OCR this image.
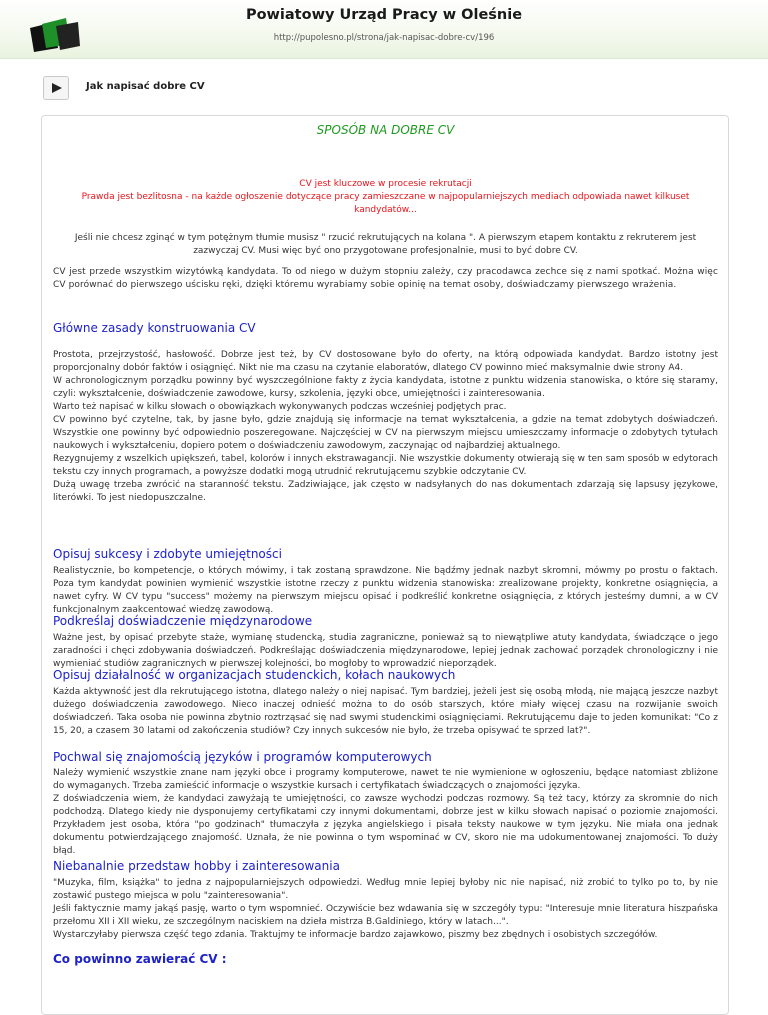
Powiatowy Urząd Pracy w Oleśnie
http://pupolesno.pl/strona/jak-napisac-dobre-cv/196
Jak napisać dobre CV
SPOSÓB NA DOBRE CV
CV jest kluczowe w procesie rekrutacji
Prawda jest bezlitosna - na każde ogłoszenie dotyczące pracy zamieszczane w najpopularniejszych mediach odpowiada nawet kilkuset kandydatów...
Jeśli nie chcesz zginąć w tym potężnym tłumie musisz " rzucić rekrutujących na kolana ". A pierwszym etapem kontaktu z rekruterem jest zazwyczaj CV. Musi więc być ono przygotowane profesjonalnie, musi to być dobre CV.
CV jest przede wszystkim wizytówką kandydata. To od niego w dużym stopniu zależy, czy pracodawca zechce się z nami spotkać. Można więc CV porównać do pierwszego uścisku ręki, dzięki któremu wyrabiamy sobie opinię na temat osoby, doświadczamy pierwszego wrażenia.
Główne zasady konstruowania CV
Prostota, przejrzystość, hasłowość. Dobrze jest też, by CV dostosowane było do oferty, na którą odpowiada kandydat. Bardzo istotny jest proporcjonalny dobór faktów i osiągnięć. Nikt nie ma czasu na czytanie elaboratów, dlatego CV powinno mieć maksymalnie dwie strony A4.
W achronologicznym porządku powinny być wyszczególnione fakty z życia kandydata, istotne z punktu widzenia stanowiska, o które się staramy, czyli: wykształcenie, doświadczenie zawodowe, kursy, szkolenia, języki obce, umiejętności i zainteresowania.
Warto też napisać w kilku słowach o obowiązkach wykonywanych podczas wcześniej podjętych prac.
CV powinno być czytelne, tak, by jasne było, gdzie znajdują się informacje na temat wykształcenia, a gdzie na temat zdobytych doświadczeń. Wszystkie one powinny być odpowiednio poszeregowane. Najczęściej w CV na pierwszym miejscu umieszczamy informacje o zdobytych tytułach naukowych i wykształceniu, dopiero potem o doświadczeniu zawodowym, zaczynając od najbardziej aktualnego.
Rezygnujemy z wszelkich upiększeń, tabel, kolorów i innych ekstrawagancji. Nie wszystkie dokumenty otwierają się w ten sam sposób w edytorach tekstu czy innych programach, a powyższe dodatki mogą utrudnić rekrutującemu szybkie odczytanie CV.
Dużą uwagę trzeba zwrócić na staranność tekstu. Zadziwiające, jak często w nadsyłanych do nas dokumentach zdarzają się lapsusy językowe, literówki. To jest niedopuszczalne.
Opisuj sukcesy i zdobyte umiejętności
Realistycznie, bo kompetencje, o których mówimy, i tak zostaną sprawdzone. Nie bądźmy jednak nazbyt skromni, mówmy po prostu o faktach. Poza tym kandydat powinien wymienić wszystkie istotne rzeczy z punktu widzenia stanowiska: zrealizowane projekty, konkretne osiągnięcia, a nawet cyfry. W CV typu "success" możemy na pierwszym miejscu opisać i podkreślić konkretne osiągnięcia, z których jesteśmy dumni, a w CV funkcjonalnym zaakcentować wiedzę zawodową.
Podkreślaj doświadczenie międzynarodowe
Ważne jest, by opisać przebyte staże, wymianę studencką, studia zagraniczne, ponieważ są to niewątpliwe atuty kandydata, świadczące o jego zaradności i chęci zdobywania doświadczeń. Podkreślając doświadczenia międzynarodowe, lepiej jednak zachować porządek chronologiczny i nie wymieniać studiów zagranicznych w pierwszej kolejności, bo mogłoby to wprowadzić nieporządek.
Opisuj działalność w organizacjach studenckich, kołach naukowych
Każda aktywność jest dla rekrutującego istotna, dlatego należy o niej napisać. Tym bardziej, jeżeli jest się osobą młodą, nie mającą jeszcze nazbyt dużego doświadczenia zawodowego. Nieco inaczej odnieść można to do osób starszych, które miały więcej czasu na rozwijanie swoich doświadczeń. Taka osoba nie powinna zbytnio roztrząsać się nad swymi studenckimi osiągnięciami. Rekrutującemu daje to jeden komunikat: "Co z 15, 20, a czasem 30 latami od zakończenia studiów? Czy innych sukcesów nie było, że trzeba opisywać te sprzed lat?".
Pochwal się znajomością języków i programów komputerowych
Należy wymienić wszystkie znane nam języki obce i programy komputerowe, nawet te nie wymienione w ogłoszeniu, będące natomiast zbliżone do wymaganych. Trzeba zamieścić informacje o wszystkie kursach i certyfikatach świadczących o znajomości języka.
Z doświadczenia wiem, że kandydaci zawyżają te umiejętności, co zawsze wychodzi podczas rozmowy. Są też tacy, którzy za skromnie do nich podchodzą. Dlatego kiedy nie dysponujemy certyfikatami czy innymi dokumentami, dobrze jest w kilku słowach napisać o poziomie znajomości. Przykładem jest osoba, która "po godzinach" tłumaczyła z języka angielskiego i pisała teksty naukowe w tym języku. Nie miała ona jednak dokumentu potwierdzającego znajomość. Uznała, że nie powinna o tym wspominać w CV, skoro nie ma udokumentowanej znajomości. To duży błąd.
Niebanalnie przedstaw hobby i zainteresowania
"Muzyka, film, książka" to jedna z najpopularniejszych odpowiedzi. Według mnie lepiej byłoby nic nie napisać, niż zrobić to tylko po to, by nie zostawić pustego miejsca w polu "zainteresowania".
Jeśli faktycznie mamy jakąś pasję, warto o tym wspomnieć. Oczywiście bez wdawania się w szczegóły typu: "Interesuje mnie literatura hiszpańska przełomu XII i XII wieku, ze szczególnym naciskiem na dzieła mistrza B.Galdiniego, który w latach...".
Wystarczyłaby pierwsza część tego zdania. Traktujmy te informacje bardzo zajawkowo, piszmy bez zbędnych i osobistych szczegółów.
Co powinno zawierać CV :
